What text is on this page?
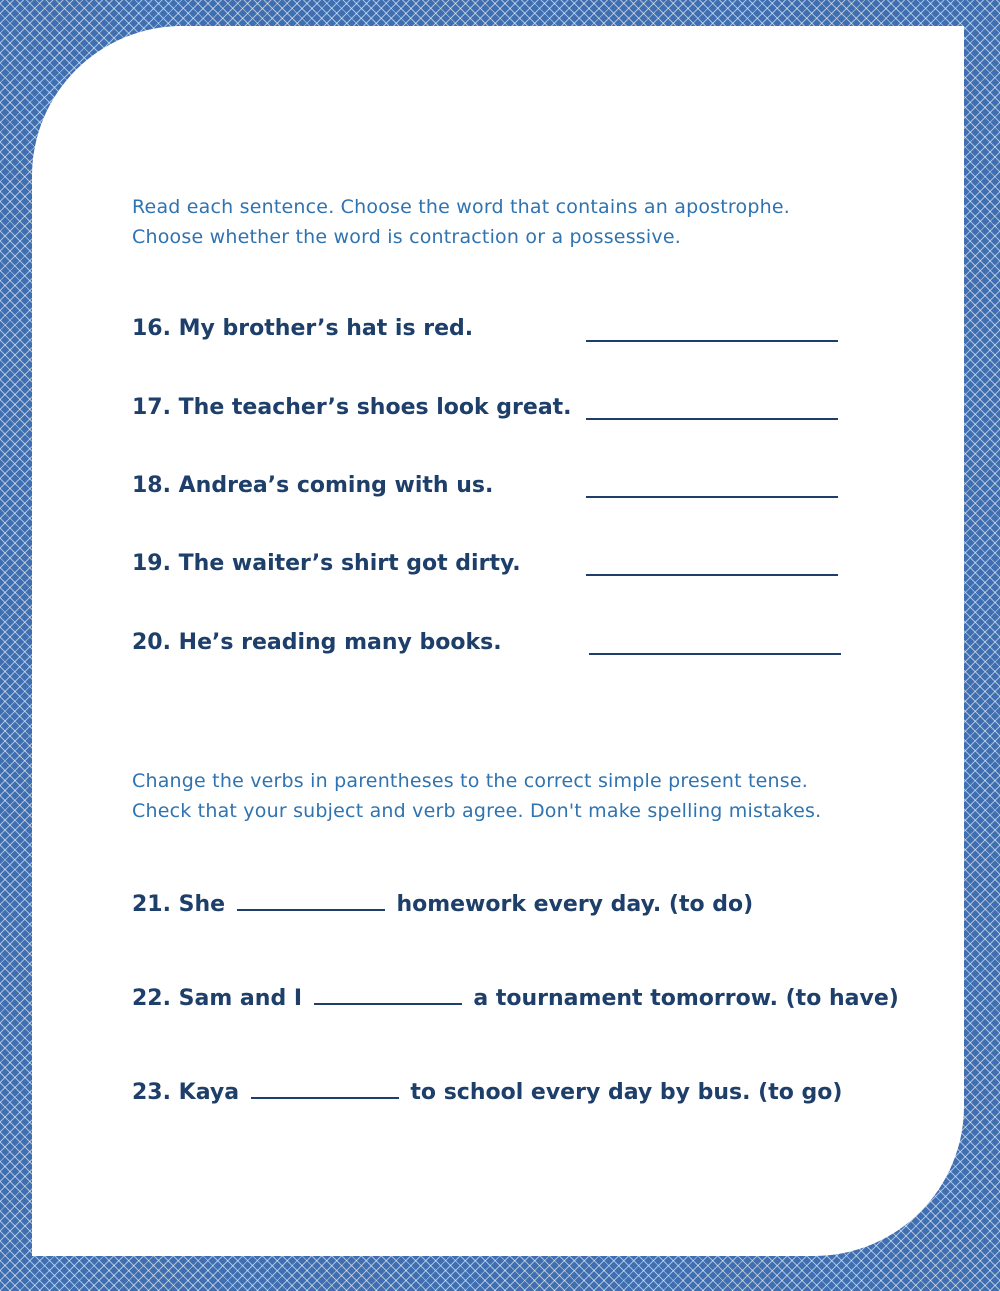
Read each sentence. Choose the word that contains an apostrophe.
Choose whether the word is contraction or a possessive.

16. My brother’s hat is red.
17. The teacher’s shoes look great.
18. Andrea’s coming with us.
19. The waiter’s shirt got dirty.
20. He’s reading many books.

Change the verbs in parentheses to the correct simple present tense.
Check that your subject and verb agree. Don't make spelling mistakes.

21. She	homework every day. (to do)
22. Sam and I	a tournament tomorrow. (to have)
23. Kaya	to school every day by bus. (to go)
